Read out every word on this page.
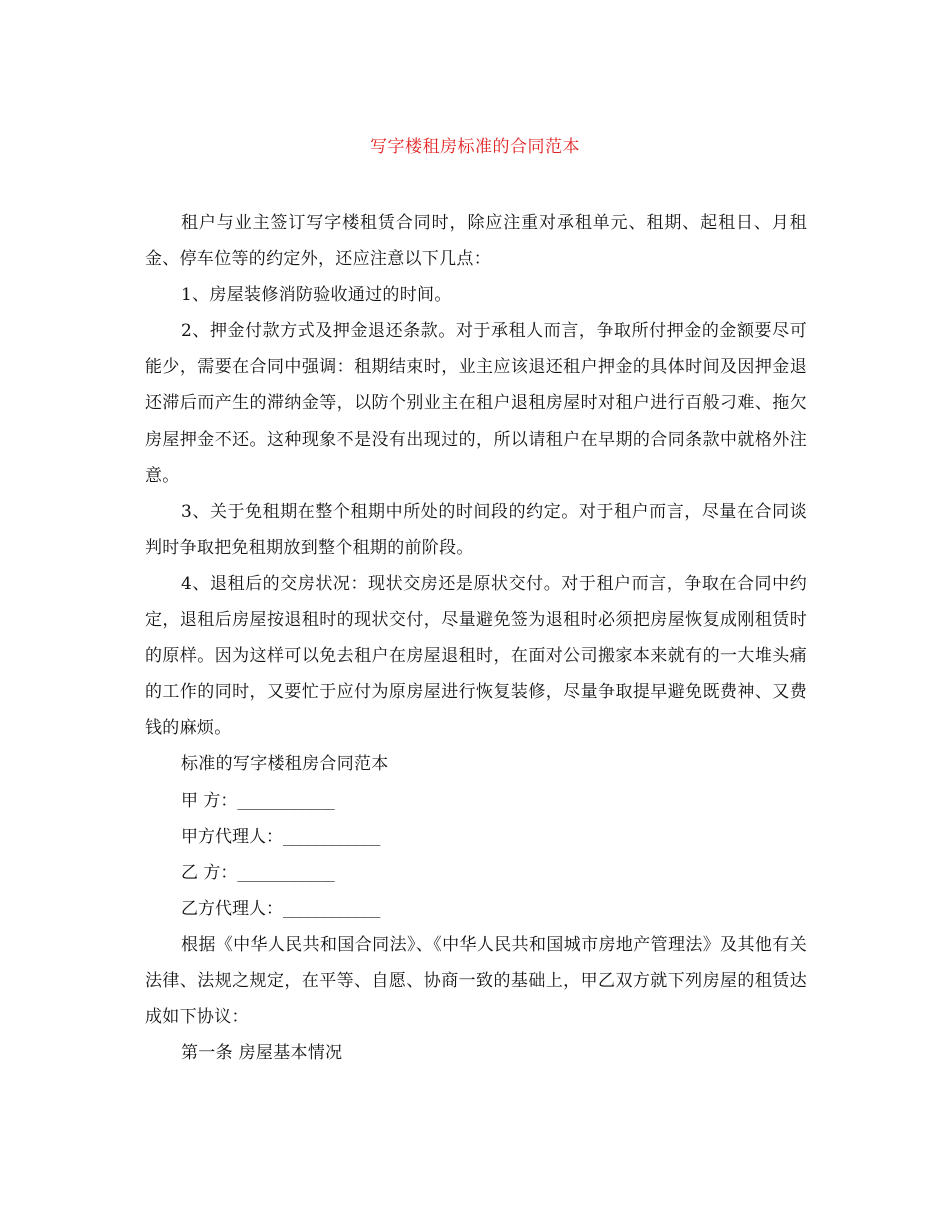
写字楼租房标准的合同范本

租户与业主签订写字楼租赁合同时，除应注重对承租单元、租期、起租日、月租金、停车位等的约定外，还应注意以下几点：

1、房屋装修消防验收通过的时间。

2、押金付款方式及押金退还条款。对于承租人而言，争取所付押金的金额要尽可能少，需要在合同中强调：租期结束时，业主应该退还租户押金的具体时间及因押金退还滞后而产生的滞纳金等，以防个别业主在租户退租房屋时对租户进行百般刁难、拖欠房屋押金不还。这种现象不是没有出现过的，所以请租户在早期的合同条款中就格外注意。

3、关于免租期在整个租期中所处的时间段的约定。对于租户而言，尽量在合同谈判时争取把免租期放到整个租期的前阶段。

4、退租后的交房状况：现状交房还是原状交付。对于租户而言，争取在合同中约定，退租后房屋按退租时的现状交付，尽量避免签为退租时必须把房屋恢复成刚租赁时的原样。因为这样可以免去租户在房屋退租时，在面对公司搬家本来就有的一大堆头痛的工作的同时，又要忙于应付为原房屋进行恢复装修，尽量争取提早避免既费神、又费钱的麻烦。

标准的写字楼租房合同范本

甲 方：____________
甲方代理人：____________
乙 方：____________
乙方代理人：____________

根据《中华人民共和国合同法》、《中华人民共和国城市房地产管理法》及其他有关法律、法规之规定，在平等、自愿、协商一致的基础上，甲乙双方就下列房屋的租赁达成如下协议：

第一条 房屋基本情况
